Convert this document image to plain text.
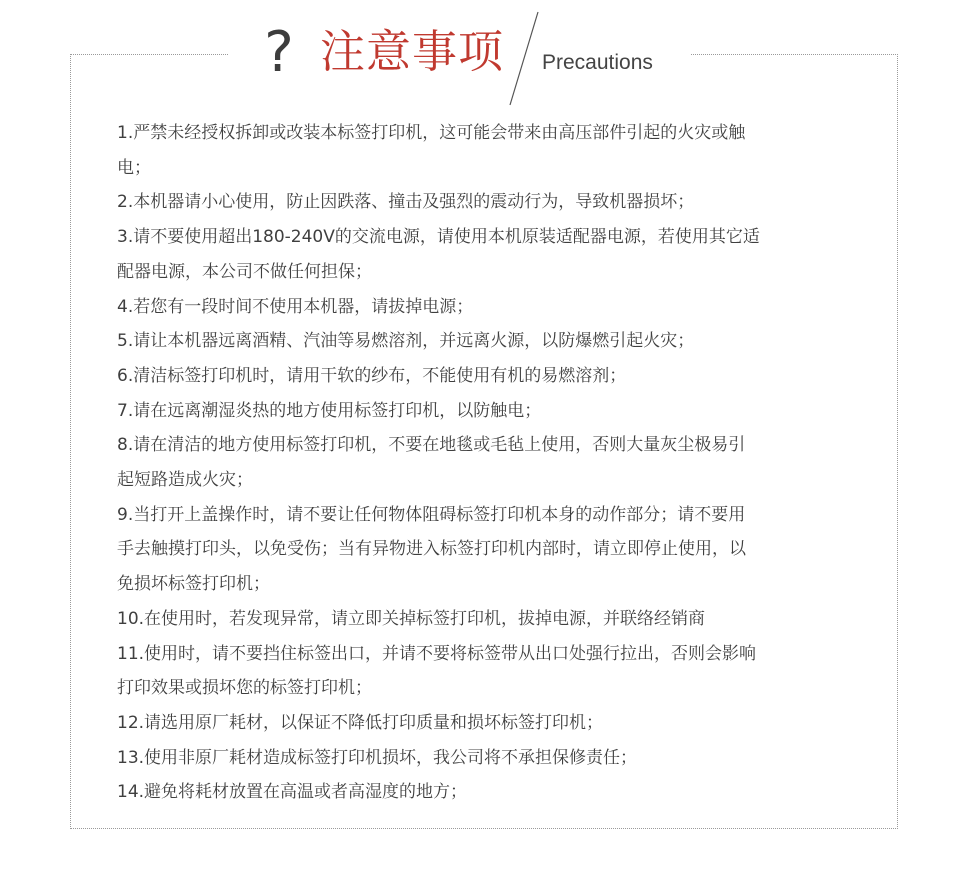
? 注意事项 Precautions
1.严禁未经授权拆卸或改装本标签打印机，这可能会带来由高压部件引起的火灾或触
电；
2.本机器请小心使用，防止因跌落、撞击及强烈的震动行为，导致机器损坏；
3.请不要使用超出180-240V的交流电源，请使用本机原装适配器电源，若使用其它适
配器电源，本公司不做任何担保；
4.若您有一段时间不使用本机器，请拔掉电源；
5.请让本机器远离酒精、汽油等易燃溶剂，并远离火源，以防爆燃引起火灾；
6.清洁标签打印机时，请用干软的纱布，不能使用有机的易燃溶剂；
7.请在远离潮湿炎热的地方使用标签打印机，以防触电；
8.请在清洁的地方使用标签打印机，不要在地毯或毛毡上使用，否则大量灰尘极易引
起短路造成火灾；
9.当打开上盖操作时，请不要让任何物体阻碍标签打印机本身的动作部分；请不要用
手去触摸打印头，以免受伤；当有异物进入标签打印机内部时，请立即停止使用，以
免损坏标签打印机；
10.在使用时，若发现异常，请立即关掉标签打印机，拔掉电源，并联络经销商
11.使用时，请不要挡住标签出口，并请不要将标签带从出口处强行拉出，否则会影响
打印效果或损坏您的标签打印机；
12.请选用原厂耗材，以保证不降低打印质量和损坏标签打印机；
13.使用非原厂耗材造成标签打印机损坏，我公司将不承担保修责任；
14.避免将耗材放置在高温或者高湿度的地方；
